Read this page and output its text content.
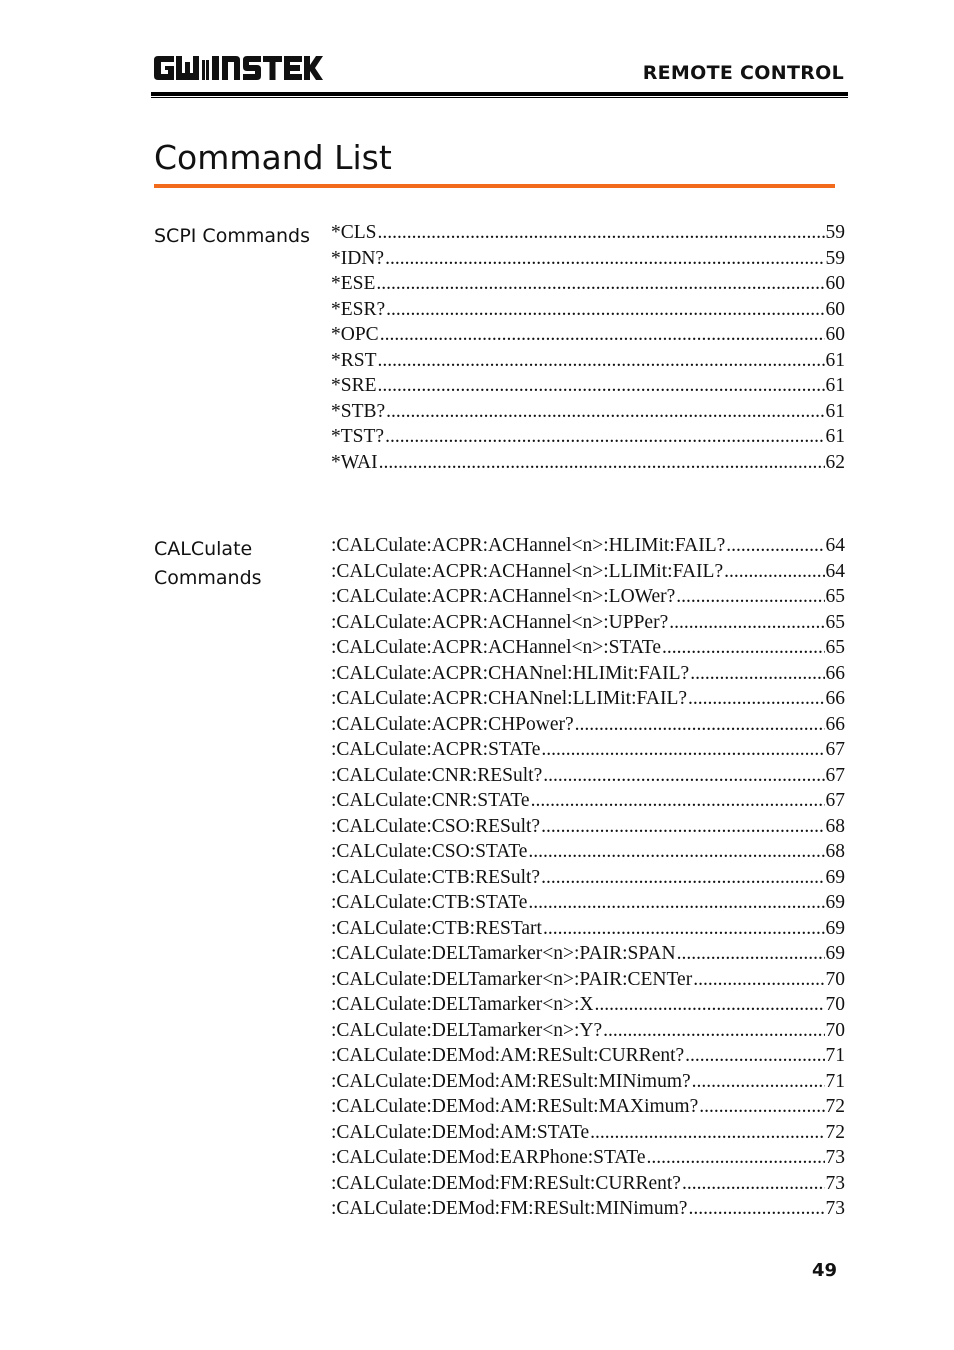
REMOTE CONTROL
Command List
SCPI Commands *CLS .....	59
*IDN? .....	59
*ESE .....	60
*ESR? .....	60
*OPC .....	60
*RST .....	61
*SRE .....	61
*STB? .....	61
*TST? .....	61
*WAI .....	62
CALCulate
Commands
:CALCulate:ACPR:ACHannel<n>:HLIMit:FAIL? .....	64
:CALCulate:ACPR:ACHannel<n>:LLIMit:FAIL? .....	64
:CALCulate:ACPR:ACHannel<n>:LOWer? .....	65
:CALCulate:ACPR:ACHannel<n>:UPPer? .....	65
:CALCulate:ACPR:ACHannel<n>:STATe .....	65
:CALCulate:ACPR:CHANnel:HLIMit:FAIL? .....	66
:CALCulate:ACPR:CHANnel:LLIMit:FAIL? .....	66
:CALCulate:ACPR:CHPower? .....	66
:CALCulate:ACPR:STATe .....	67
:CALCulate:CNR:RESult? .....	67
:CALCulate:CNR:STATe .....	67
:CALCulate:CSO:RESult? .....	68
:CALCulate:CSO:STATe .....	68
:CALCulate:CTB:RESult? .....	69
:CALCulate:CTB:STATe .....	69
:CALCulate:CTB:RESTart .....	69
:CALCulate:DELTamarker<n>:PAIR:SPAN .....	69
:CALCulate:DELTamarker<n>:PAIR:CENTer .....	70
:CALCulate:DELTamarker<n>:X .....	70
:CALCulate:DELTamarker<n>:Y? .....	70
:CALCulate:DEMod:AM:RESult:CURRent? .....	71
:CALCulate:DEMod:AM:RESult:MINimum? .....	71
:CALCulate:DEMod:AM:RESult:MAXimum? .....	72
:CALCulate:DEMod:AM:STATe .....	72
:CALCulate:DEMod:EARPhone:STATe .....	73
:CALCulate:DEMod:FM:RESult:CURRent? .....	73
:CALCulate:DEMod:FM:RESult:MINimum? .....	73
49
